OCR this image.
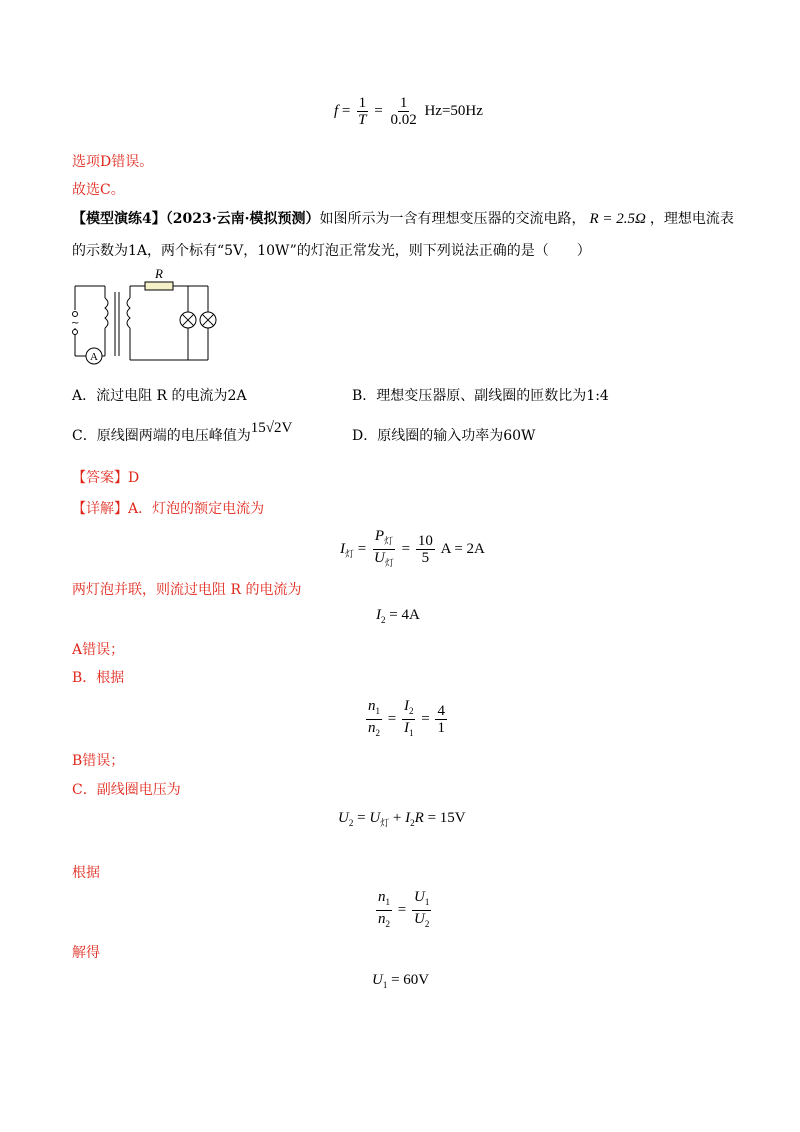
$f = \frac{1}{T} = \frac{1}{0.02} Hz=50Hz$
选项D错误。
故选C。
【模型演练4】（2023·云南·模拟预测）如图所示为一含有理想变压器的交流电路， R = 2.5Ω ，理想电流表
的示数为1A，两个标有“5V，10W”的灯泡正常发光，则下列说法正确的是（　　）
R
A
~
A．流过电阻 R 的电流为2A	B．理想变压器原、副线圈的匝数比为1:4
C．原线圈两端的电压峰值为15√2V	D．原线圈的输入功率为60W
【答案】D
【详解】A．灯泡的额定电流为
$I_灯 = \frac{P_灯}{U_灯} = \frac{10}{5}$ A = 2A
两灯泡并联，则流过电阻 R 的电流为
$I_2 = 4A$
A错误；
B．根据
$\frac{n_1}{n_2} = \frac{I_2}{I_1} = \frac{4}{1}$
B错误；
C．副线圈电压为
$U_2 = U_灯 + I_2R = 15V$
根据
$\frac{n_1}{n_2} = \frac{U_1}{U_2}$
解得
$U_1 = 60V$
